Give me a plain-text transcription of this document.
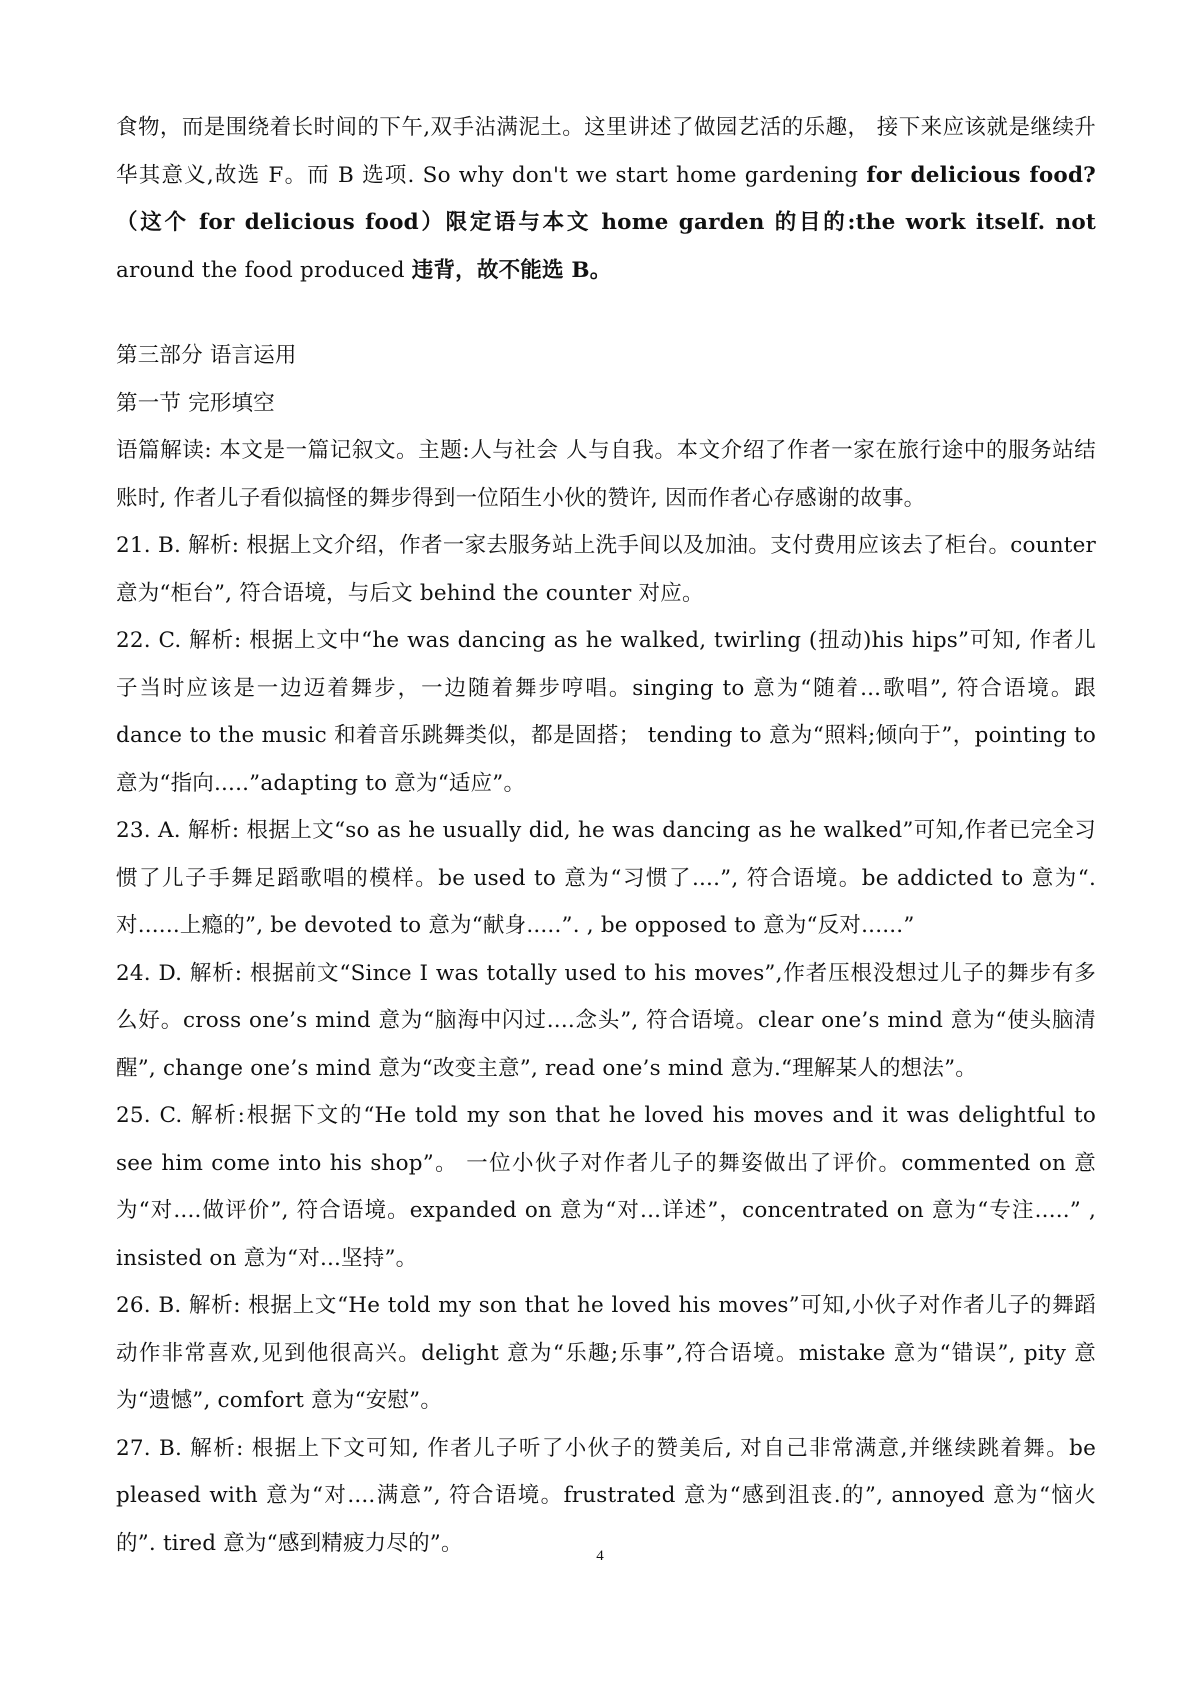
食物，而是围绕着长时间的下午,双手沾满泥土。这里讲述了做园艺活的乐趣， 接下来应该就是继续升华其意义,故选 F。而 B 选项. So why don't we start home gardening for delicious food?（这个 for delicious food）限定语与本文 home garden 的目的:the work itself. not around the food produced 违背，故不能选 B。

第三部分 语言运用

第一节 完形填空

语篇解读: 本文是一篇记叙文。主题:人与社会 人与自我。本文介绍了作者一家在旅行途中的服务站结账时, 作者儿子看似搞怪的舞步得到一位陌生小伙的赞许, 因而作者心存感谢的故事。

21. B. 解析: 根据上文介绍，作者一家去服务站上洗手间以及加油。支付费用应该去了柜台。counter 意为“柜台”, 符合语境，与后文 behind the counter 对应。

22. C. 解析: 根据上文中“he was dancing as he walked, twirling (扭动)his hips”可知, 作者儿子当时应该是一边迈着舞步，一边随着舞步哼唱。singing to 意为“随着...歌唱”, 符合语境。跟 dance to the music 和着音乐跳舞类似，都是固搭； tending to 意为“照料;倾向于”，pointing to 意为“指向.....”adapting to 意为“适应”。

23. A. 解析: 根据上文“so as he usually did, he was dancing as he walked”可知,作者已完全习惯了儿子手舞足蹈歌唱的模样。be used to 意为“习惯了....”, 符合语境。be addicted to 意为“.对......上瘾的”, be devoted to 意为“献身.....”. , be opposed to 意为“反对......”

24. D. 解析: 根据前文“Since I was totally used to his moves”,作者压根没想过儿子的舞步有多么好。cross one’s mind 意为“脑海中闪过....念头”, 符合语境。clear one’s mind 意为“使头脑清醒”, change one’s mind 意为“改变主意”, read one’s mind 意为.“理解某人的想法”。

25. C. 解析:根据下文的“He told my son that he loved his moves and it was delightful to see him come into his shop”。 一位小伙子对作者儿子的舞姿做出了评价。commented on 意为“对....做评价”, 符合语境。expanded on 意为“对...详述”，concentrated on 意为“专注.....” , insisted on 意为“对...坚持”。

26. B. 解析: 根据上文“He told my son that he loved his moves”可知,小伙子对作者儿子的舞蹈动作非常喜欢,见到他很高兴。delight 意为“乐趣;乐事”,符合语境。mistake 意为“错误”, pity 意为“遗憾”, comfort 意为“安慰”。

27. B. 解析: 根据上下文可知, 作者儿子听了小伙子的赞美后, 对自己非常满意,并继续跳着舞。be pleased with 意为“对....满意”, 符合语境。frustrated 意为“感到沮丧.的”, annoyed 意为“恼火的”. tired 意为“感到精疲力尽的”。

4
